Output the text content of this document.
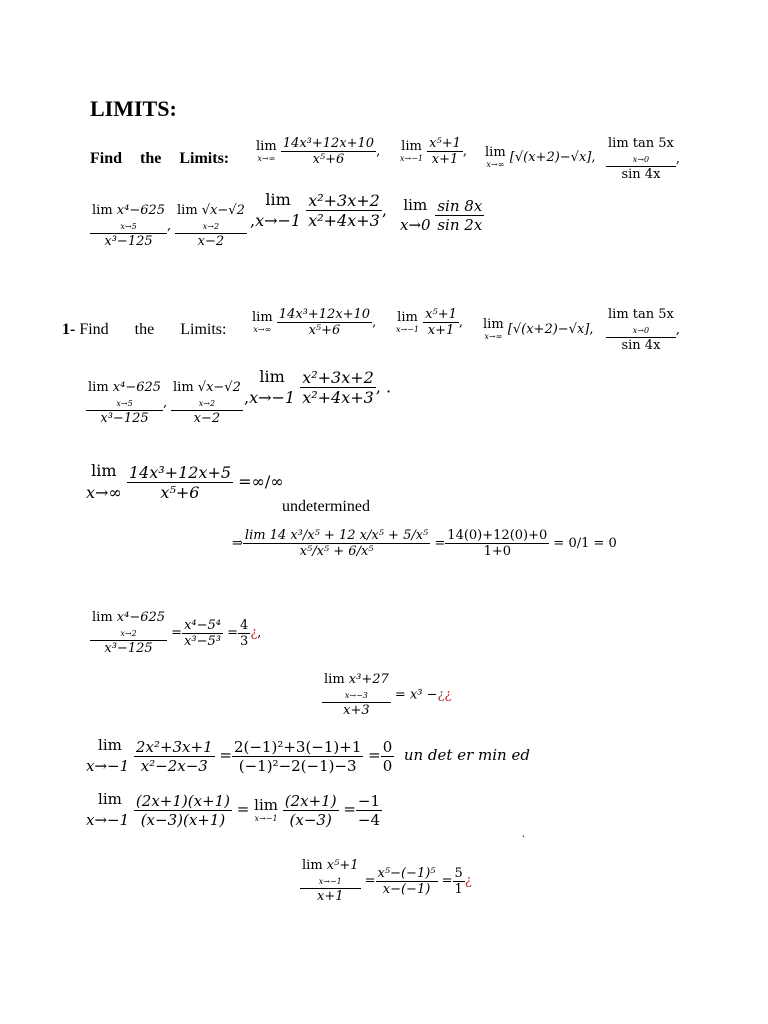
LIMITS:
Find the Limits:
lim
x→∞
$\frac{\text{14x³+12x+10}}{\text{x⁵+6}}$ , lim
x→−1
$\frac{\text{x⁵+1}}{x+1}$ , lim
x→∞ [√(x+2)−√x],
lim tan 5x
x→0
sin 4x
,
lim x⁴−625
x→5
x³−125
,
lim √x−√2
x→2
x−2
lim
$,x\to-1 \frac{\text{x²+3x+2}}{\text{x²+4x+3}}$ , lim
$x\to 0 \frac{\sin 8x}{\sin 2x}$
1- Find the Limits:
lim
x→∞
$\frac{\text{14x³+12x+10}}{\text{x⁵+6}}$ , lim
x→−1
$\frac{\text{x⁵+1}}{x+1}$ , lim
x→∞ [√(x+2)−√x],
lim tan 5x
x→0
sin 4x
,
lim x⁴−625
x→5
x³−125
,
lim √x−√2
x→2
x−2
lim
$,x\to-1 \frac{\text{x²+3x+2}}{\text{x²+4x+3}}$ , .
lim
$x\to\infty \frac{\text{14x³+12x+5}}{\text{x⁵+6}}$ =∞/∞
undetermined
⇒ $\frac{\text{lim 14 x³/x⁵ + 12 x/x⁵ + 5/x⁵}}{\text{x⁵/x⁵ + 6/x⁵}} = \frac{14(0)+12(0)+0}{1+0} = 0/1 = 0$
lim x⁴−625
x→2
x³−125
= $\frac{\text{x⁴−5⁴}}{\text{x³−5³}} = \frac{4}{3}$ ¿,
lim x³+27
x→−3
x+3
= x³ −¿¿
lim
$x\to-1 \frac{\text{2x²+3x+1}}{\text{x²−2x−3}} = \frac{\text{2(−1)²+3(−1)+1}}{\text{(−1)²−2(−1)−3}} = \frac{0}{0}$ un det er min ed
lim
$x\to-1 \frac{(2x+1)(x+1)}{(x-3)(x+1)} = \lim$
x→−1
$\frac{(2x+1)}{(x-3)} = \frac{-1}{-4}$
.
lim x⁵+1
x→−1
x+1
= $\frac{\text{x⁵−(−1)⁵}}{x-(-1)} = \frac{5}{1}$ ¿
